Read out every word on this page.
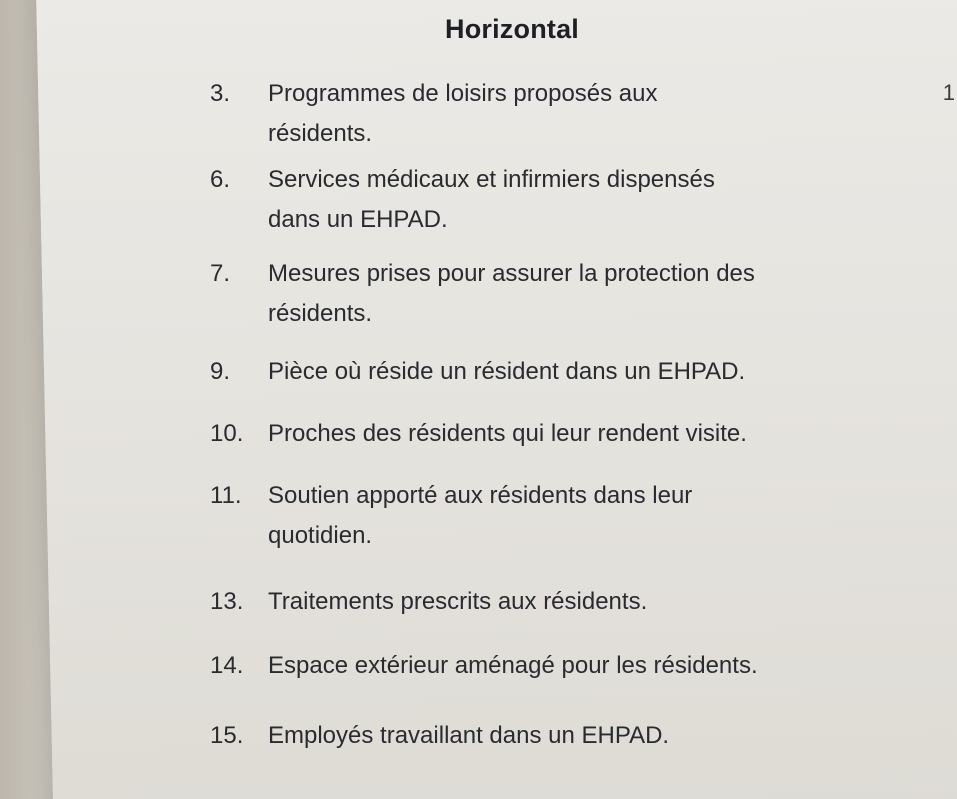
Horizontal
3. Programmes de loisirs proposés aux
résidents.
6. Services médicaux et infirmiers dispensés
dans un EHPAD.
7. Mesures prises pour assurer la protection des
résidents.
9. Pièce où réside un résident dans un EHPAD.
10. Proches des résidents qui leur rendent visite.
11. Soutien apporté aux résidents dans leur
quotidien.
13. Traitements prescrits aux résidents.
14. Espace extérieur aménagé pour les résidents.
15. Employés travaillant dans un EHPAD.
1
